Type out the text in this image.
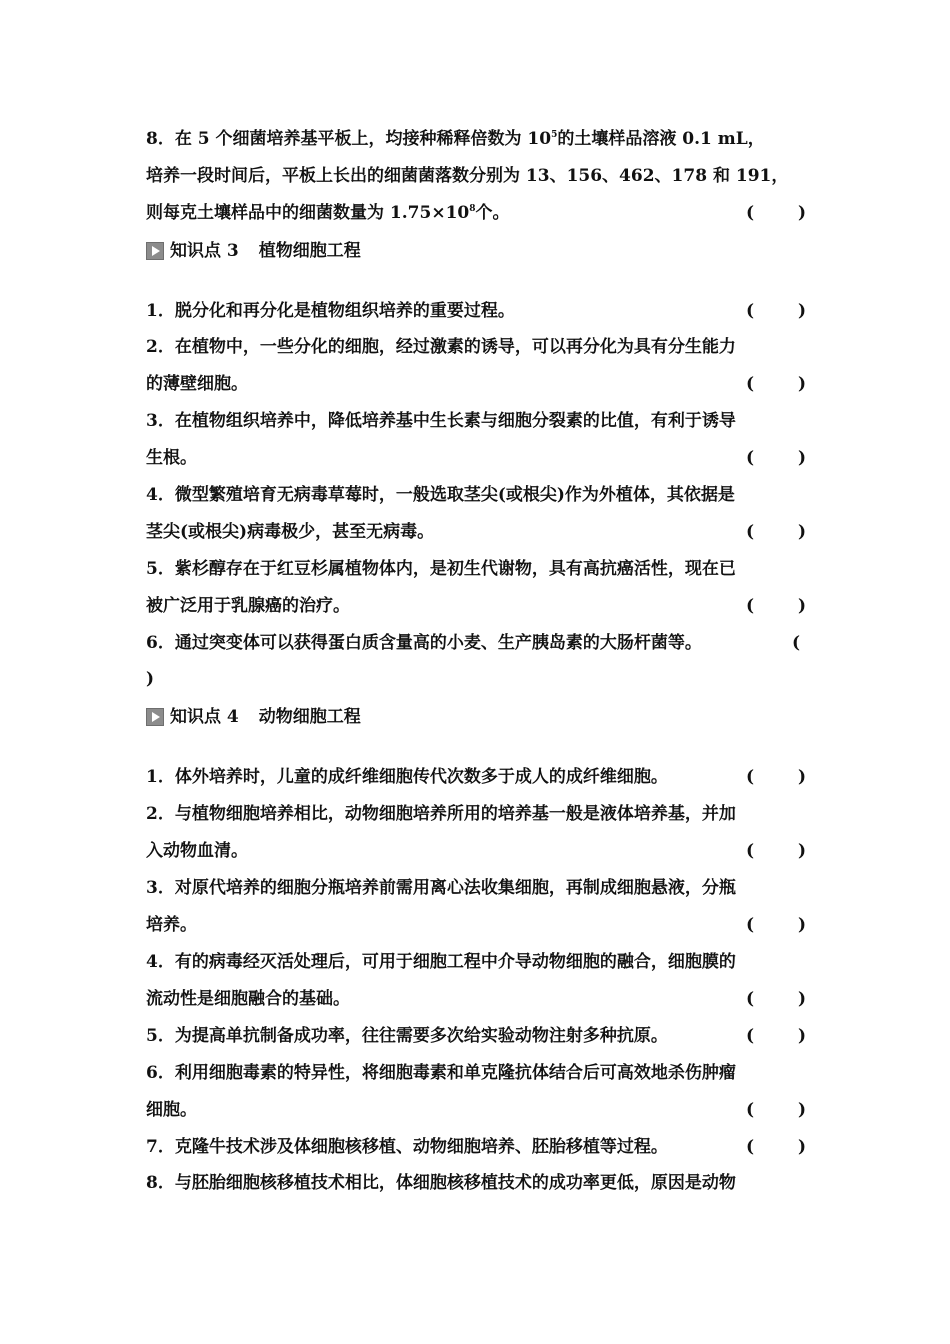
8．在 5 个细菌培养基平板上，均接种稀释倍数为 $10^5$的土壤样品溶液 0.1 mL，
培养一段时间后，平板上长出的细菌菌落数分别为 13、156、462、178 和 191，
则每克土壤样品中的细菌数量为 $1.75\times 10^8$个。	(	)
知识点 3 植物细胞工程
1．脱分化和再分化是植物组织培养的重要过程。	(	)
2．在植物中，一些分化的细胞，经过激素的诱导，可以再分化为具有分生能力
的薄壁细胞。	(	)
3．在植物组织培养中，降低培养基中生长素与细胞分裂素的比值，有利于诱导
生根。	(	)
4．微型繁殖培育无病毒草莓时，一般选取茎尖(或根尖)作为外植体，其依据是
茎尖(或根尖)病毒极少，甚至无病毒。	(	)
5．紫杉醇存在于红豆杉属植物体内，是初生代谢物，具有高抗癌活性，现在已
被广泛用于乳腺癌的治疗。	(	)
6．通过突变体可以获得蛋白质含量高的小麦、生产胰岛素的大肠杆菌等。	(
)
知识点 4 动物细胞工程
1．体外培养时，儿童的成纤维细胞传代次数多于成人的成纤维细胞。	(	)
2．与植物细胞培养相比，动物细胞培养所用的培养基一般是液体培养基，并加
入动物血清。	(	)
3．对原代培养的细胞分瓶培养前需用离心法收集细胞，再制成细胞悬液，分瓶
培养。	(	)
4．有的病毒经灭活处理后，可用于细胞工程中介导动物细胞的融合，细胞膜的
流动性是细胞融合的基础。	(	)
5．为提高单抗制备成功率，往往需要多次给实验动物注射多种抗原。	(	)
6．利用细胞毒素的特异性，将细胞毒素和单克隆抗体结合后可高效地杀伤肿瘤
细胞。	(	)
7．克隆牛技术涉及体细胞核移植、动物细胞培养、胚胎移植等过程。	(	)
8．与胚胎细胞核移植技术相比，体细胞核移植技术的成功率更低，原因是动物
